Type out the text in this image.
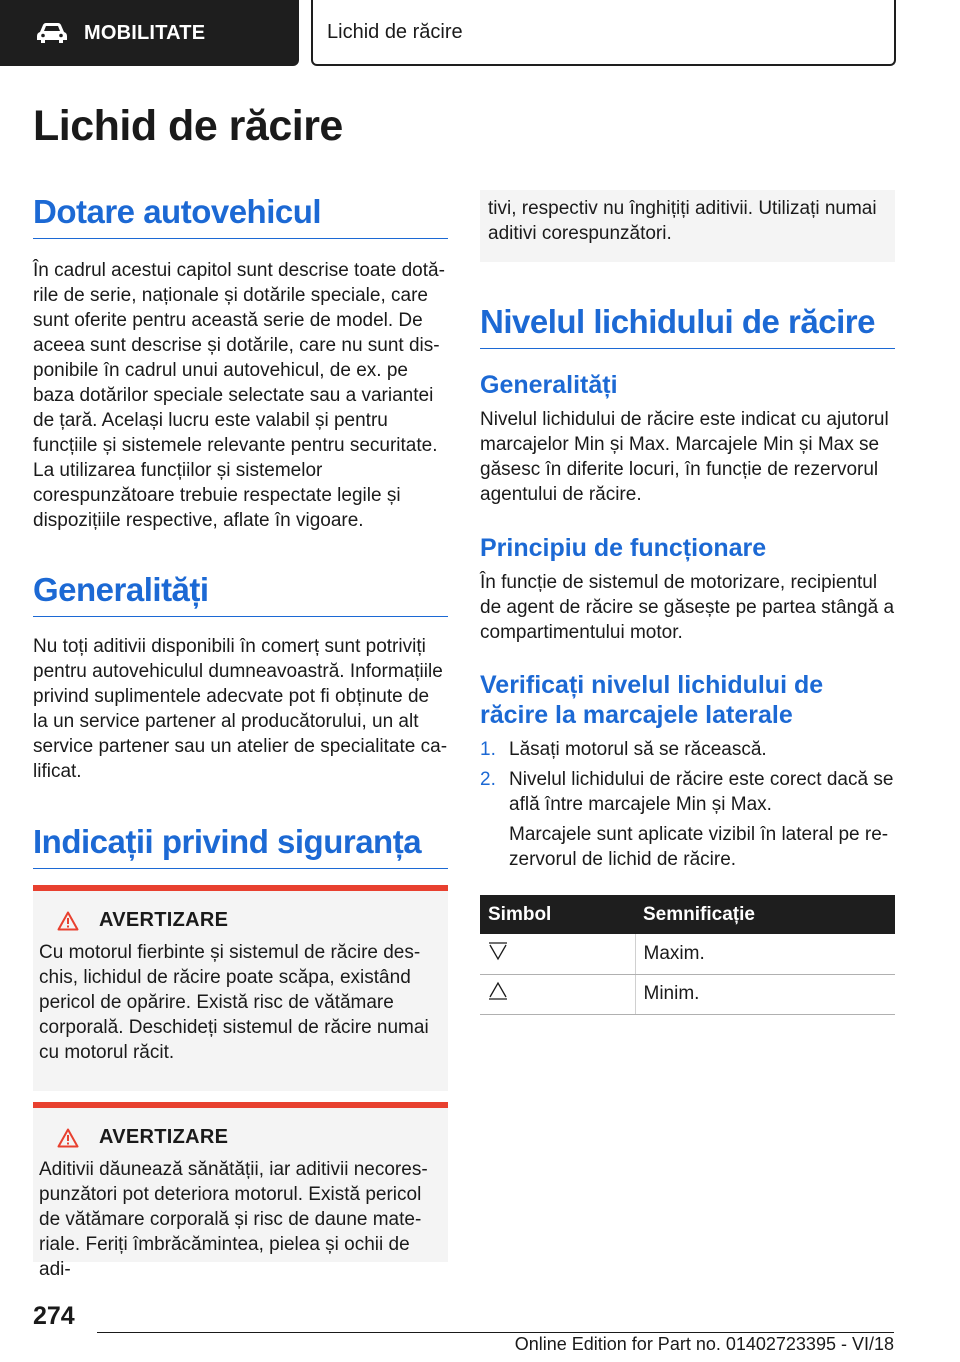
MOBILITATE	Lichid de răcire
Lichid de răcire
Dotare autovehicul
În cadrul acestui capitol sunt descrise toate dotările de serie, naționale și dotările speciale, care sunt oferite pentru această serie de model. De aceea sunt descrise și dotările, care nu sunt disponibile în cadrul unui autovehicul, de ex. pe baza dotărilor speciale selectate sau a variantei de țară. Același lucru este valabil și pentru funcțiile și sistemele relevante pentru securitate. La utilizarea funcțiilor și sistemelor corespunzătoare trebuie respectate legile și dispozițiile respective, aflate în vigoare.
Generalități
Nu toți aditivii disponibili în comerț sunt potriviți pentru autovehiculul dumneavoastră. Informațiile privind suplimentele adecvate pot fi obținute de la un service partener al producătorului, un alt service partener sau un atelier de specialitate calificat.
Indicații privind siguranța
AVERTIZARE
Cu motorul fierbinte și sistemul de răcire deschis, lichidul de răcire poate scăpa, existând pericol de opărire. Există risc de vătămare corporală. Deschideți sistemul de răcire numai cu motorul răcit.
AVERTIZARE
Aditivii dăunează sănătății, iar aditivii necorespunzători pot deteriora motorul. Există pericol de vătămare corporală și risc de daune materiale. Feriți îmbrăcămintea, pielea și ochii de adi-
tivi, respectiv nu înghițiți aditivii. Utilizați numai aditivi corespunzători.
Nivelul lichidului de răcire
Generalități
Nivelul lichidului de răcire este indicat cu ajutorul marcajelor Min și Max. Marcajele Min și Max se găsesc în diferite locuri, în funcție de rezervorul agentului de răcire.
Principiu de funcționare
În funcție de sistemul de motorizare, recipientul de agent de răcire se găsește pe partea stângă a compartimentului motor.
Verificați nivelul lichidului de răcire la marcajele laterale
1. Lăsați motorul să se răcească.
2. Nivelul lichidului de răcire este corect dacă se află între marcajele Min și Max.
Marcajele sunt aplicate vizibil în lateral pe rezervorul de lichid de răcire.
Simbol	Semnificație
	Maxim.
	Minim.
274
Online Edition for Part no. 01402723395 - VI/18
